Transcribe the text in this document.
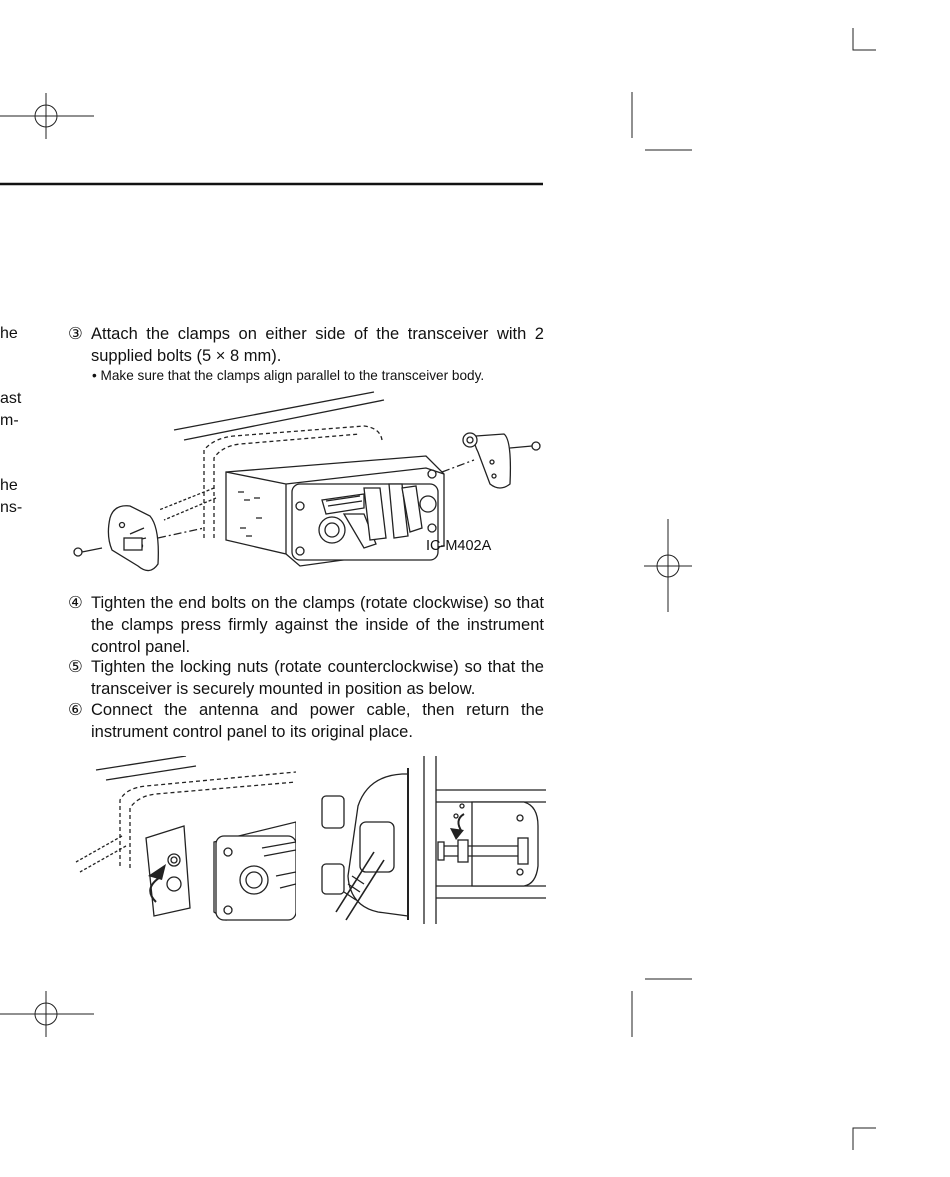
he
ast
m-
he
ns-
③ Attach the clamps on either side of the transceiver with 2 supplied bolts (5 × 8 mm).
• Make sure that the clamps align parallel to the transceiver body.
IC-M402A
④ Tighten the end bolts on the clamps (rotate clockwise) so that the clamps press firmly against the inside of the instrument control panel.
⑤ Tighten the locking nuts (rotate counterclockwise) so that the transceiver is securely mounted in position as below.
⑥ Connect the antenna and power cable, then return the instrument control panel to its original place.
